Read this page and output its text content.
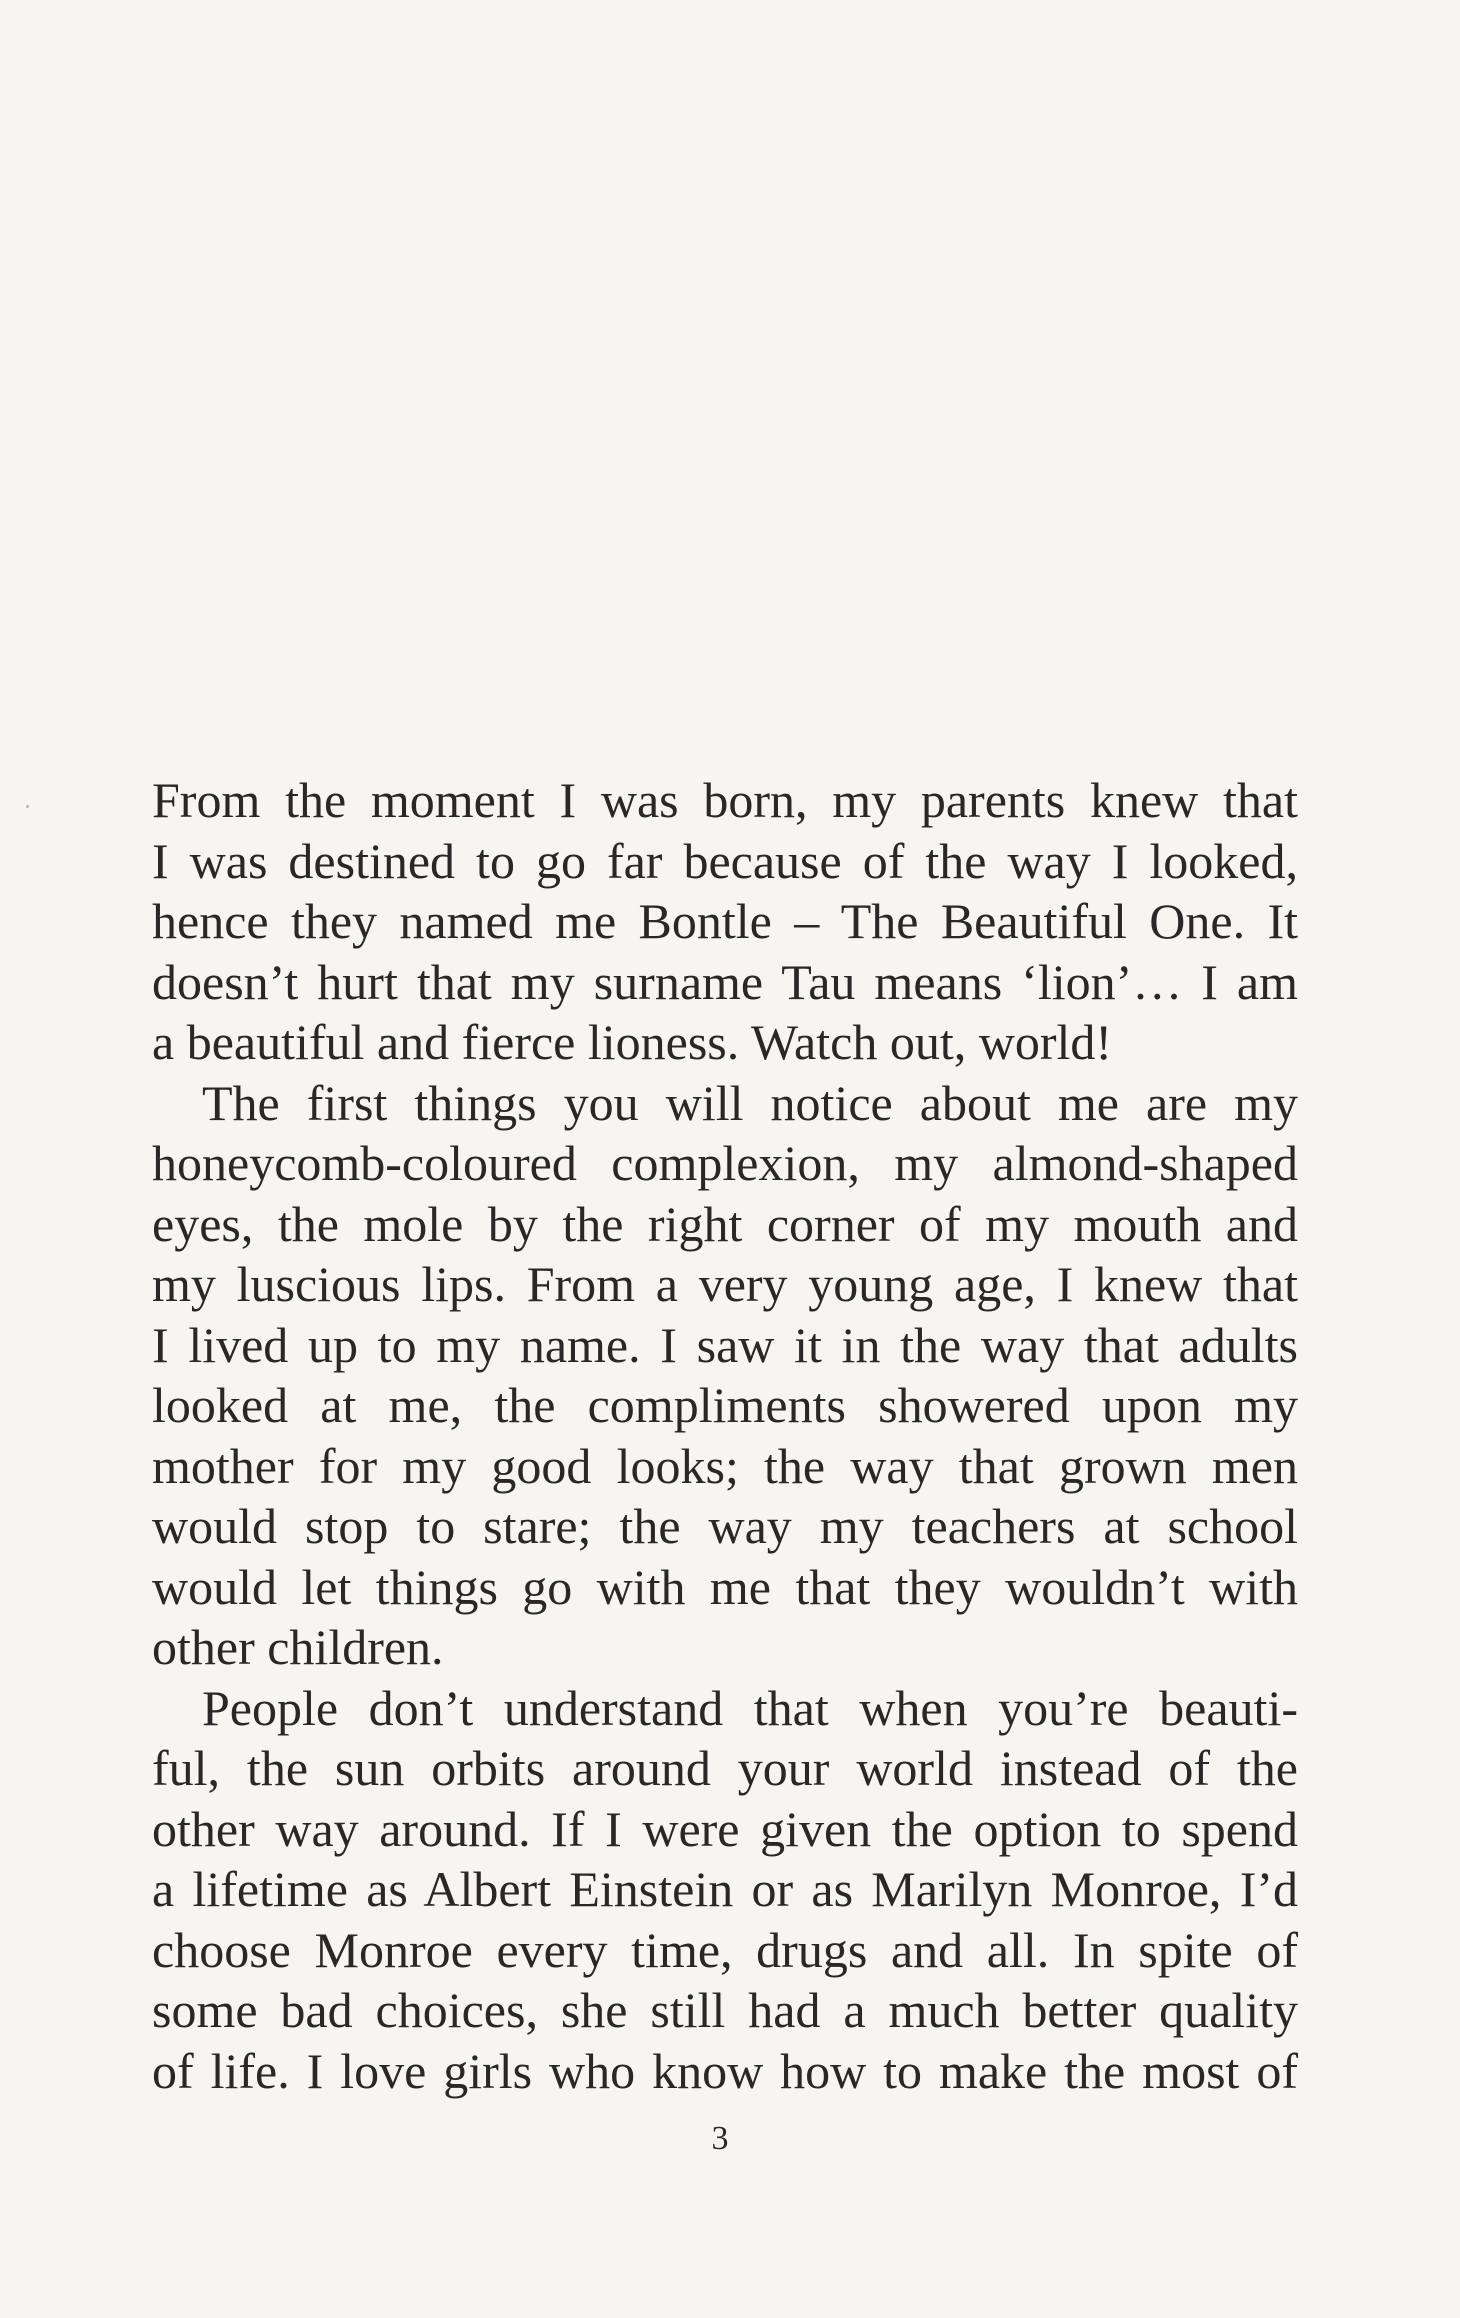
From the moment I was born, my parents knew that
I was destined to go far because of the way I looked,
hence they named me Bontle – The Beautiful One. It
doesn’t hurt that my surname Tau means ‘lion’… I am
a beautiful and fierce lioness. Watch out, world!
The first things you will notice about me are my
honeycomb-coloured complexion, my almond-shaped
eyes, the mole by the right corner of my mouth and
my luscious lips. From a very young age, I knew that
I lived up to my name. I saw it in the way that adults
looked at me, the compliments showered upon my
mother for my good looks; the way that grown men
would stop to stare; the way my teachers at school
would let things go with me that they wouldn’t with
other children.
People don’t understand that when you’re beauti-
ful, the sun orbits around your world instead of the
other way around. If I were given the option to spend
a lifetime as Albert Einstein or as Marilyn Monroe, I’d
choose Monroe every time, drugs and all. In spite of
some bad choices, she still had a much better quality
of life. I love girls who know how to make the most of
3
